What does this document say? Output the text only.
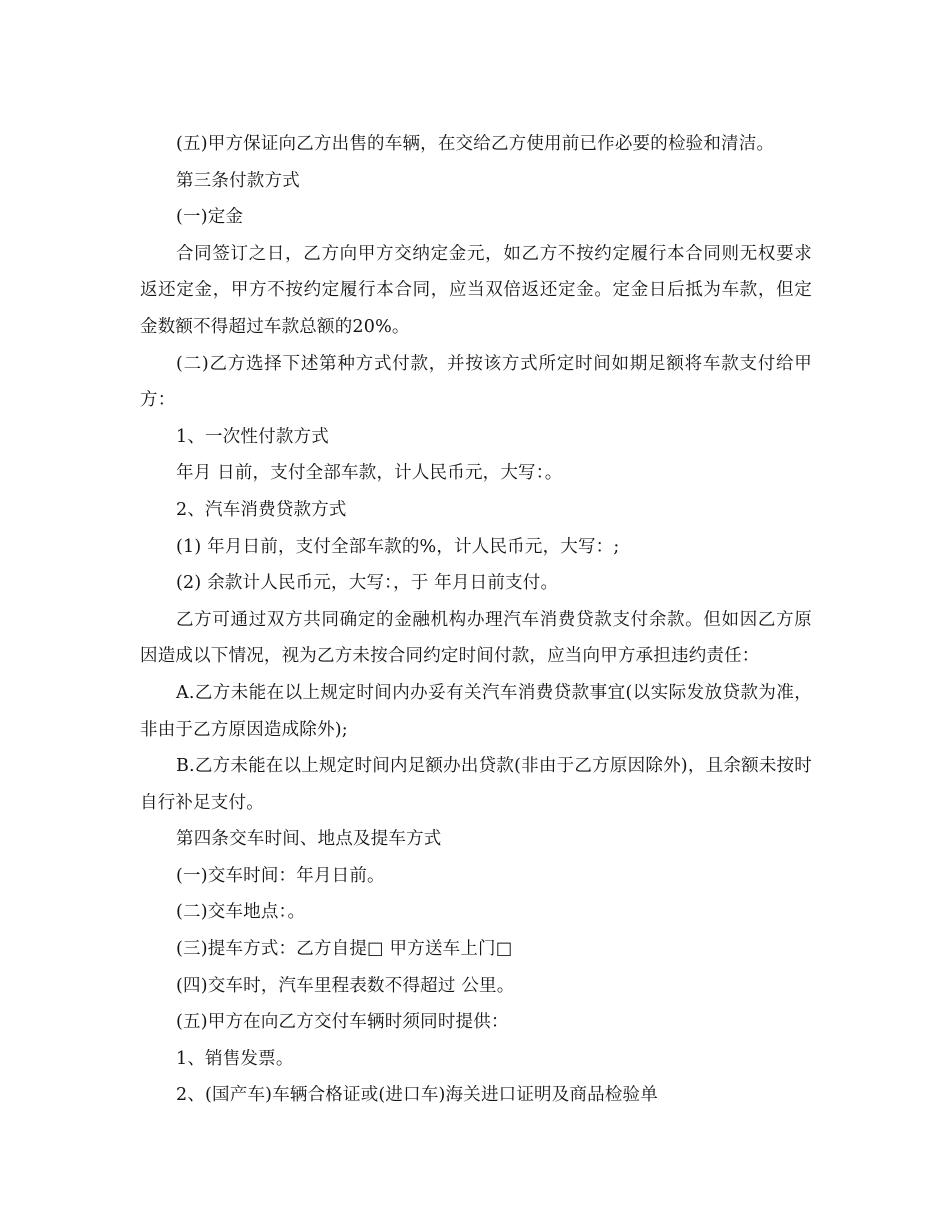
(五)甲方保证向乙方出售的车辆，在交给乙方使用前已作必要的检验和清洁。

第三条付款方式

(一)定金

合同签订之日，乙方向甲方交纳定金元，如乙方不按约定履行本合同则无权要求返还定金，甲方不按约定履行本合同，应当双倍返还定金。定金日后抵为车款，但定金数额不得超过车款总额的20%。

(二)乙方选择下述第种方式付款，并按该方式所定时间如期足额将车款支付给甲方：

1、一次性付款方式

年月 日前，支付全部车款，计人民币元，大写：。

2、汽车消费贷款方式

(1) 年月日前，支付全部车款的%，计人民币元，大写：;

(2) 余款计人民币元，大写：，于 年月日前支付。

乙方可通过双方共同确定的金融机构办理汽车消费贷款支付余款。但如因乙方原因造成以下情况，视为乙方未按合同约定时间付款，应当向甲方承担违约责任：

A.乙方未能在以上规定时间内办妥有关汽车消费贷款事宜(以实际发放贷款为准，非由于乙方原因造成除外);

B.乙方未能在以上规定时间内足额办出贷款(非由于乙方原因除外)，且余额未按时自行补足支付。

第四条交车时间、地点及提车方式

(一)交车时间：年月日前。

(二)交车地点：。

(三)提车方式：乙方自提□ 甲方送车上门□

(四)交车时，汽车里程表数不得超过 公里。

(五)甲方在向乙方交付车辆时须同时提供：

1、销售发票。

2、(国产车)车辆合格证或(进口车)海关进口证明及商品检验单
